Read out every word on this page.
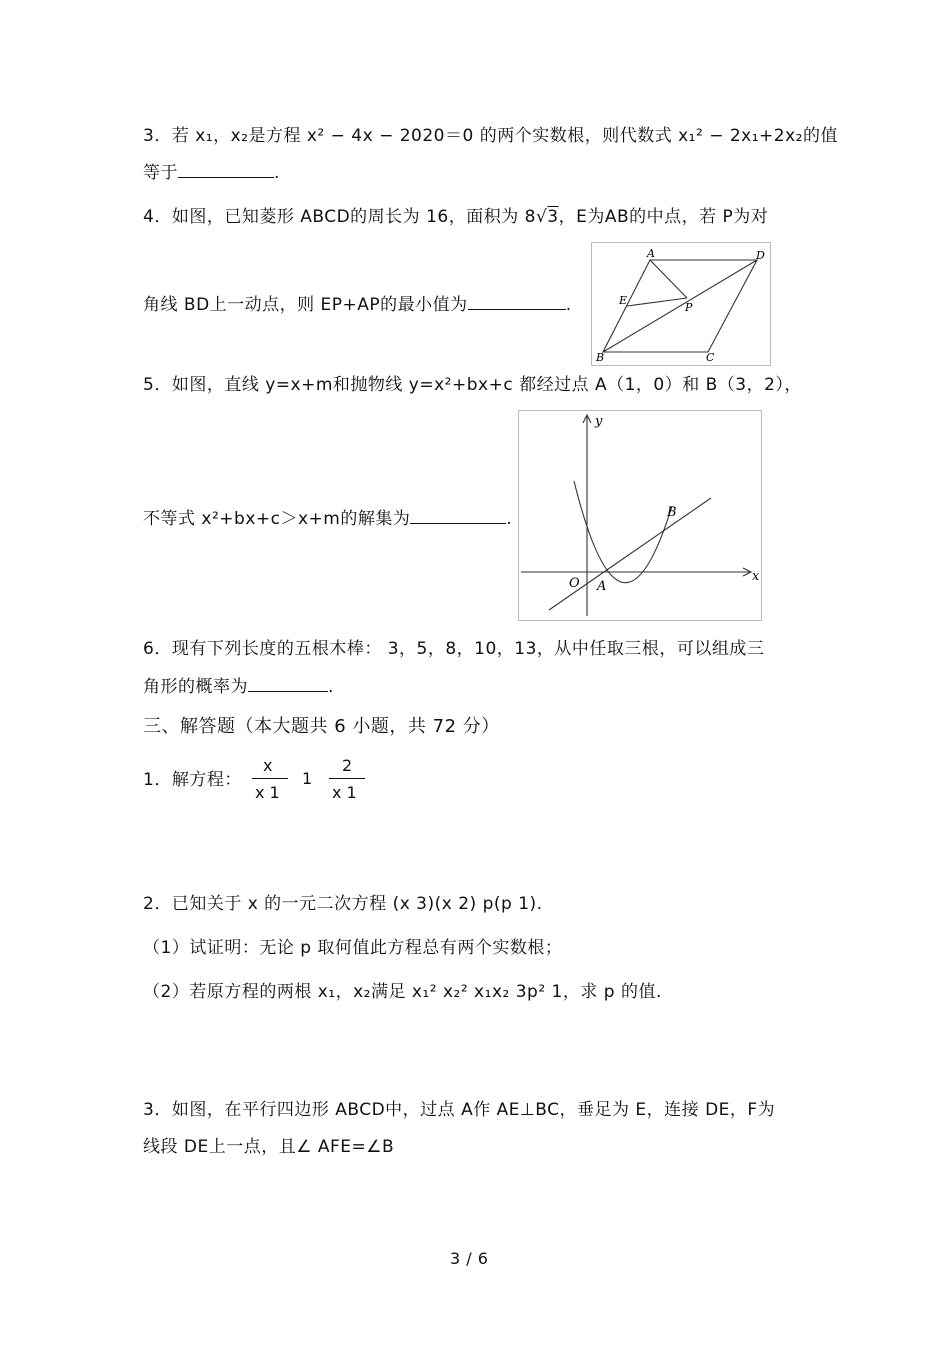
3．若 x₁，x₂是方程 x² − 4x − 2020＝0 的两个实数根，则代数式 x₁² − 2x₁+2x₂的值
等于	.
4．如图，已知菱形 ABCD的周长为 16，面积为 8√3，E为AB的中点，若 P为对
角线 BD上一动点，则 EP+AP的最小值为	.
A	D
B	C
E
P
5．如图，直线 y=x+m和抛物线 y=x²+bx+c 都经过点 A（1，0）和 B（3，2），
不等式 x²+bx+c＞x+m的解集为	.
y
x
O A
B
6．现有下列长度的五根木棒： 3，5，8，10，13，从中任取三根，可以组成三
角形的概率为	.
三、解答题（本大题共 6 小题，共 72 分）
1．解方程：
x
x 1
1
2
x 1
2．已知关于 x 的一元二次方程 (x 3)(x 2) p(p 1).
（1）试证明：无论 p 取何值此方程总有两个实数根；
（2）若原方程的两根 x₁，x₂满足 x₁² x₂² x₁x₂ 3p² 1，求 p 的值.
3．如图，在平行四边形 ABCD中，过点 A作 AE⊥BC，垂足为 E，连接 DE，F为
线段 DE上一点，且∠ AFE=∠B
3 / 6
